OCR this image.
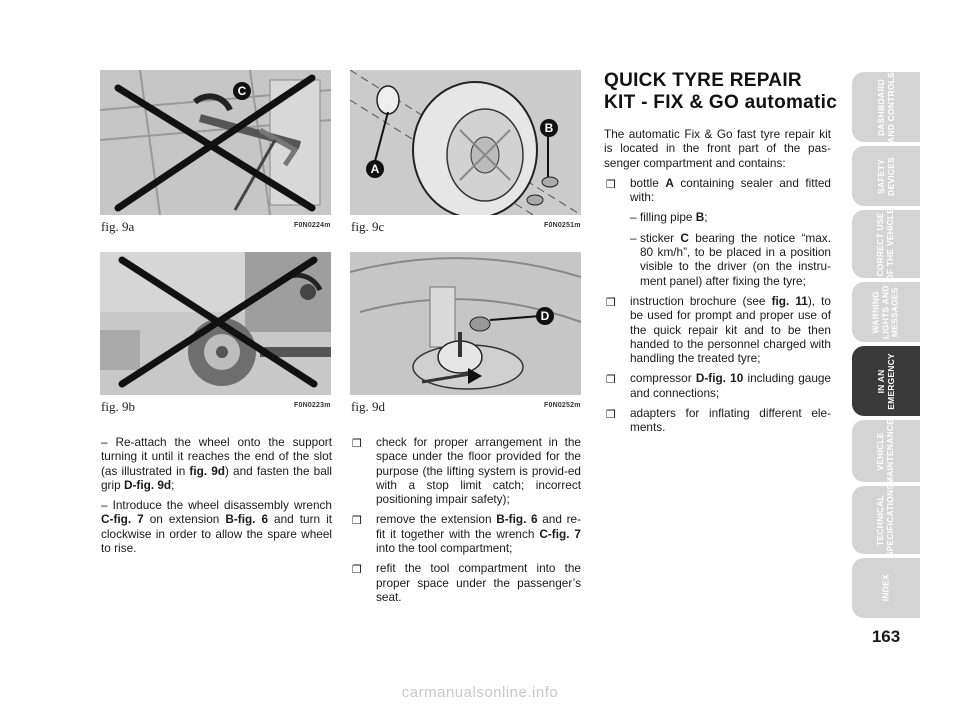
C
fig. 9a	F0N0224m
fig. 9b	F0N0223m
A
B
fig. 9c	F0N0251m
D
fig. 9d	F0N0252m

– Re-attach the wheel onto the support turning it until it reaches the end of the slot (as illustrated in fig. 9d) and fasten the ball grip D-fig. 9d;

– Introduce the wheel disassembly wrench C-fig. 7 on extension B-fig. 6 and turn it clockwise in order to allow the spare wheel to rise.

❒ check for proper arrangement in the space under the floor provided for the purpose (the lifting system is provid-ed with a stop limit catch; incorrect positioning impair safety);
❒ remove the extension B-fig. 6 and re-fit it together with the wrench C-fig. 7 into the tool compartment;
❒ refit the tool compartment into the proper space under the passenger’s seat.
QUICK TYRE REPAIR
KIT - FIX & GO automatic

The automatic Fix & Go fast tyre repair kit is located in the front part of the pas-senger compartment and contains:

❒ bottle A containing sealer and fitted with:
– filling pipe B;
– sticker C bearing the notice “max. 80 km/h”, to be placed in a position visible to the driver (on the instru-ment panel) after fixing the tyre;
❒ instruction brochure (see fig. 11), to be used for prompt and proper use of the quick repair kit and to be then handed to the personnel charged with handling the treated tyre;
❒ compressor D-fig. 10 including gauge and connections;
❒ adapters for inflating different ele-ments.
DASHBOARD
AND CONTROLS
SAFETY
DEVICES
CORRECT USE
OF THE VEHICLE
WARNING
LIGHTS AND
MESSAGES
IN AN
EMERGENCY
VEHICLE
MAINTENANCE
TECHNICAL
SPECIFICATIONS
INDEX
163
carmanualsonline.info
